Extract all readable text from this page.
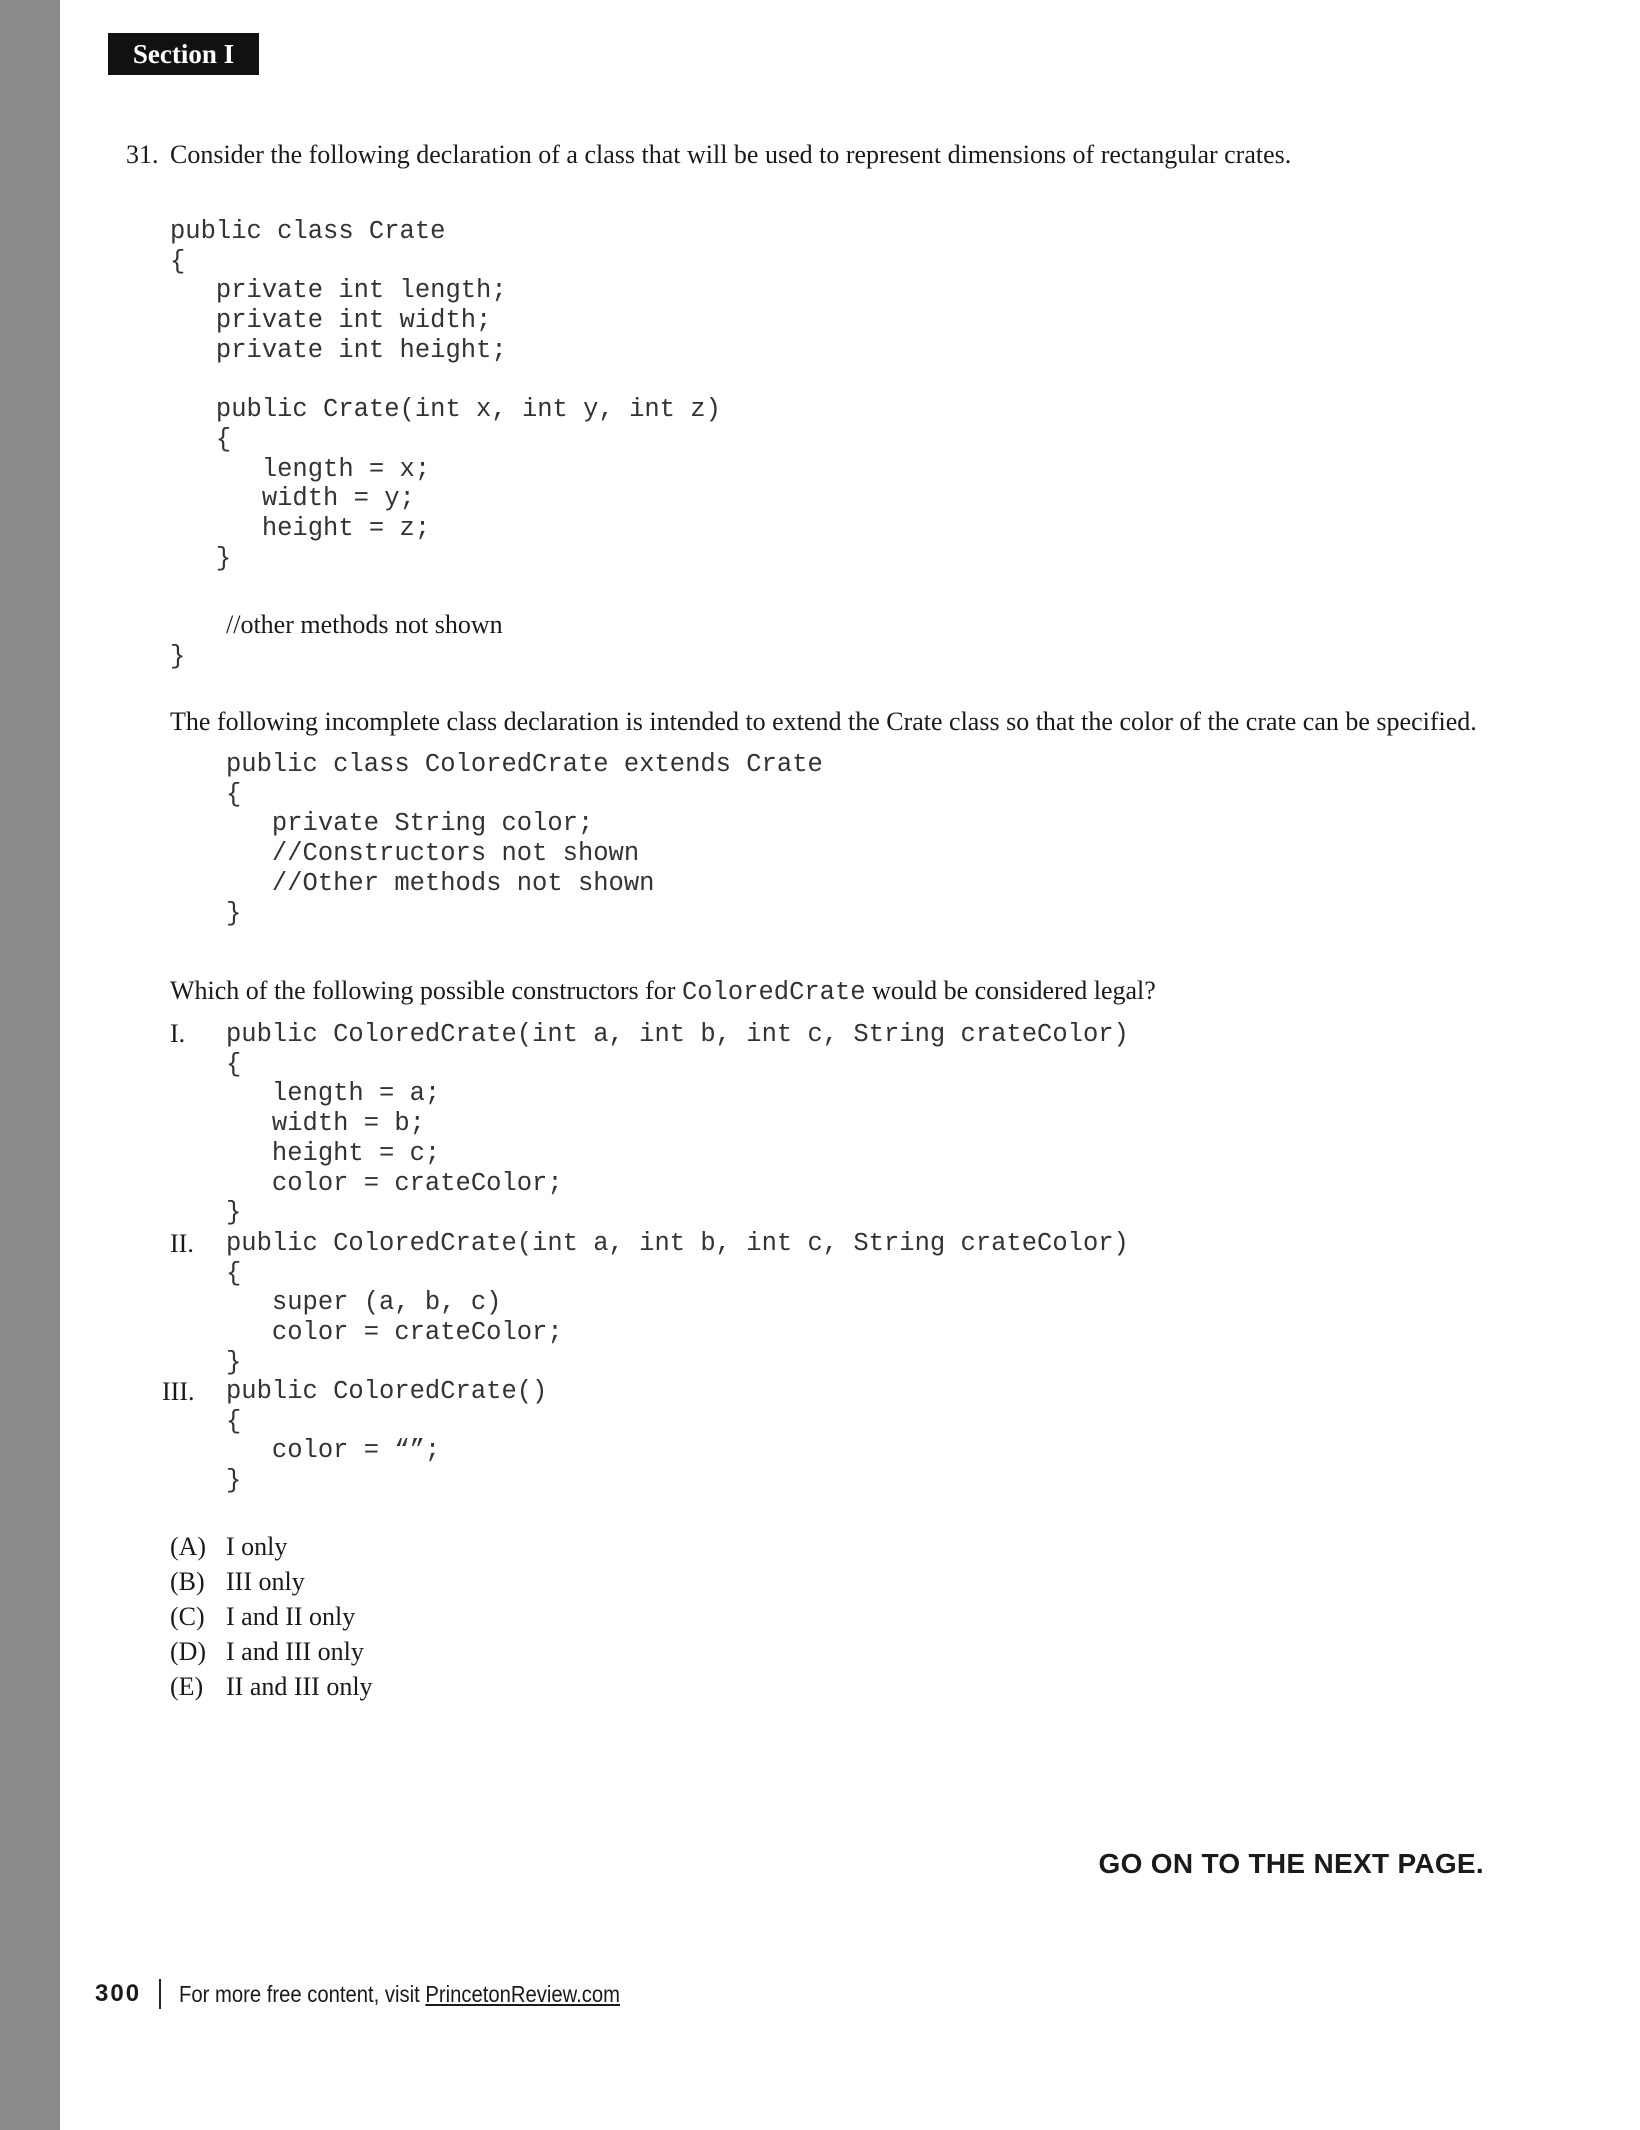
Section I
31. Consider the following declaration of a class that will be used to represent dimensions of rectangular crates.
public class Crate
{
private int length;
private int width;
private int height;

public Crate(int x, int y, int z)
{
length = x;
width = y;
height = z;
}
//other methods not shown
}
The following incomplete class declaration is intended to extend the Crate class so that the color of the crate can be specified.
public class ColoredCrate extends Crate
{
private String color;
//Constructors not shown
//Other methods not shown
}
Which of the following possible constructors for ColoredCrate would be considered legal?
I. public ColoredCrate(int a, int b, int c, String crateColor)
{
length = a;
width = b;
height = c;
color = crateColor;
}
II. public ColoredCrate(int a, int b, int c, String crateColor)
{
super (a, b, c)
color = crateColor;
}
III. public ColoredCrate()
{
color = “”;
}
(A) I only
(B) III only
(C) I and II only
(D) I and III only
(E) II and III only
GO ON TO THE NEXT PAGE.
300 For more free content, visit PrincetonReview.com
